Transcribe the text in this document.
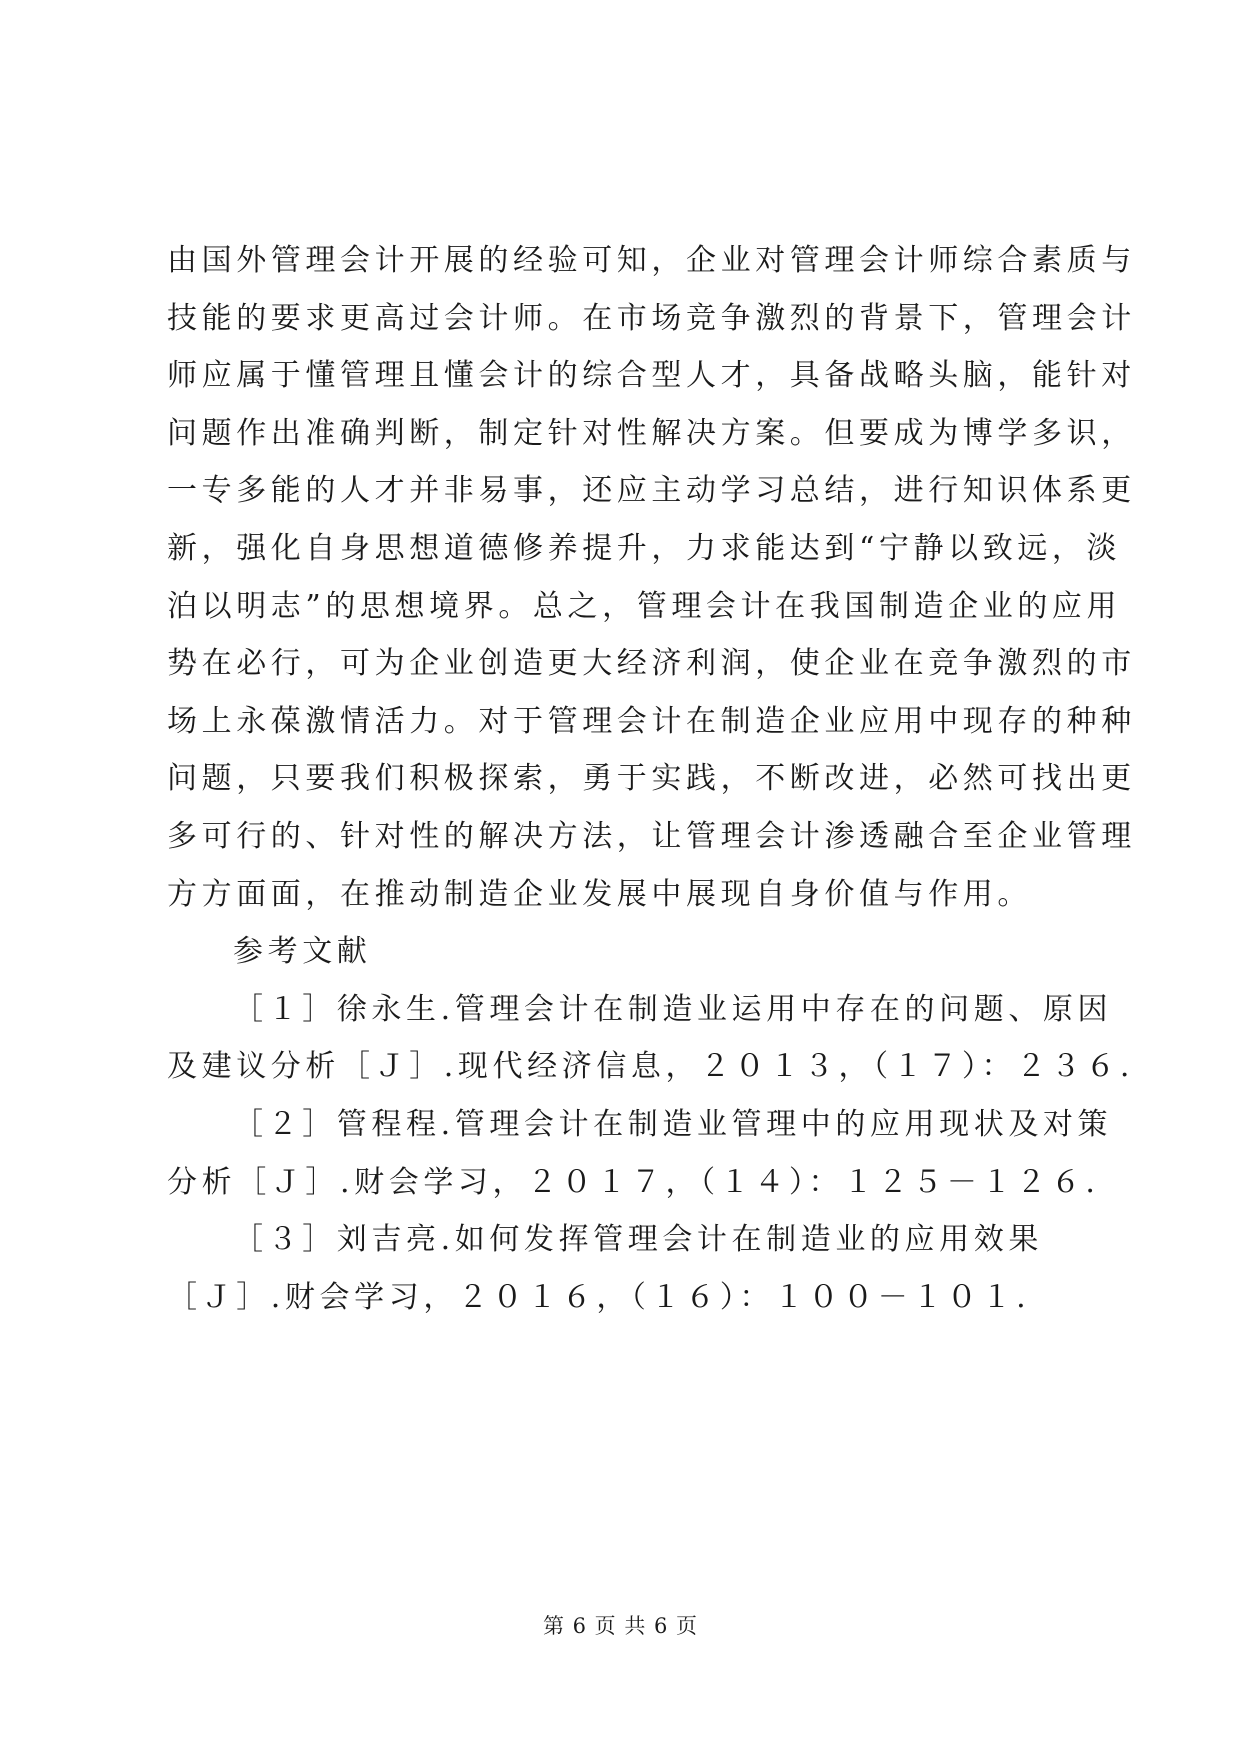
由国外管理会计开展的经验可知，企业对管理会计师综合素质与
技能的要求更高过会计师。在市场竞争激烈的背景下，管理会计
师应属于懂管理且懂会计的综合型人才，具备战略头脑，能针对
问题作出准确判断，制定针对性解决方案。但要成为博学多识，
一专多能的人才并非易事，还应主动学习总结，进行知识体系更
新，强化自身思想道德修养提升，力求能达到“宁静以致远，淡
泊以明志”的思想境界。总之，管理会计在我国制造企业的应用
势在必行，可为企业创造更大经济利润，使企业在竞争激烈的市
场上永葆激情活力。对于管理会计在制造企业应用中现存的种种
问题，只要我们积极探索，勇于实践，不断改进，必然可找出更
多可行的、针对性的解决方法，让管理会计渗透融合至企业管理
方方面面，在推动制造企业发展中展现自身价值与作用。
参考文献
［１］徐永生.管理会计在制造业运用中存在的问题、原因
及建议分析［Ｊ］.现代经济信息，２０１３，（１７）：２３６.
［２］管程程.管理会计在制造业管理中的应用现状及对策
分析［Ｊ］.财会学习，２０１７，（１４）：１２５－１２６.
［３］刘吉亮.如何发挥管理会计在制造业的应用效果
［Ｊ］.财会学习，２０１６，（１６）：１００－１０１.
第 6 页 共 6 页
